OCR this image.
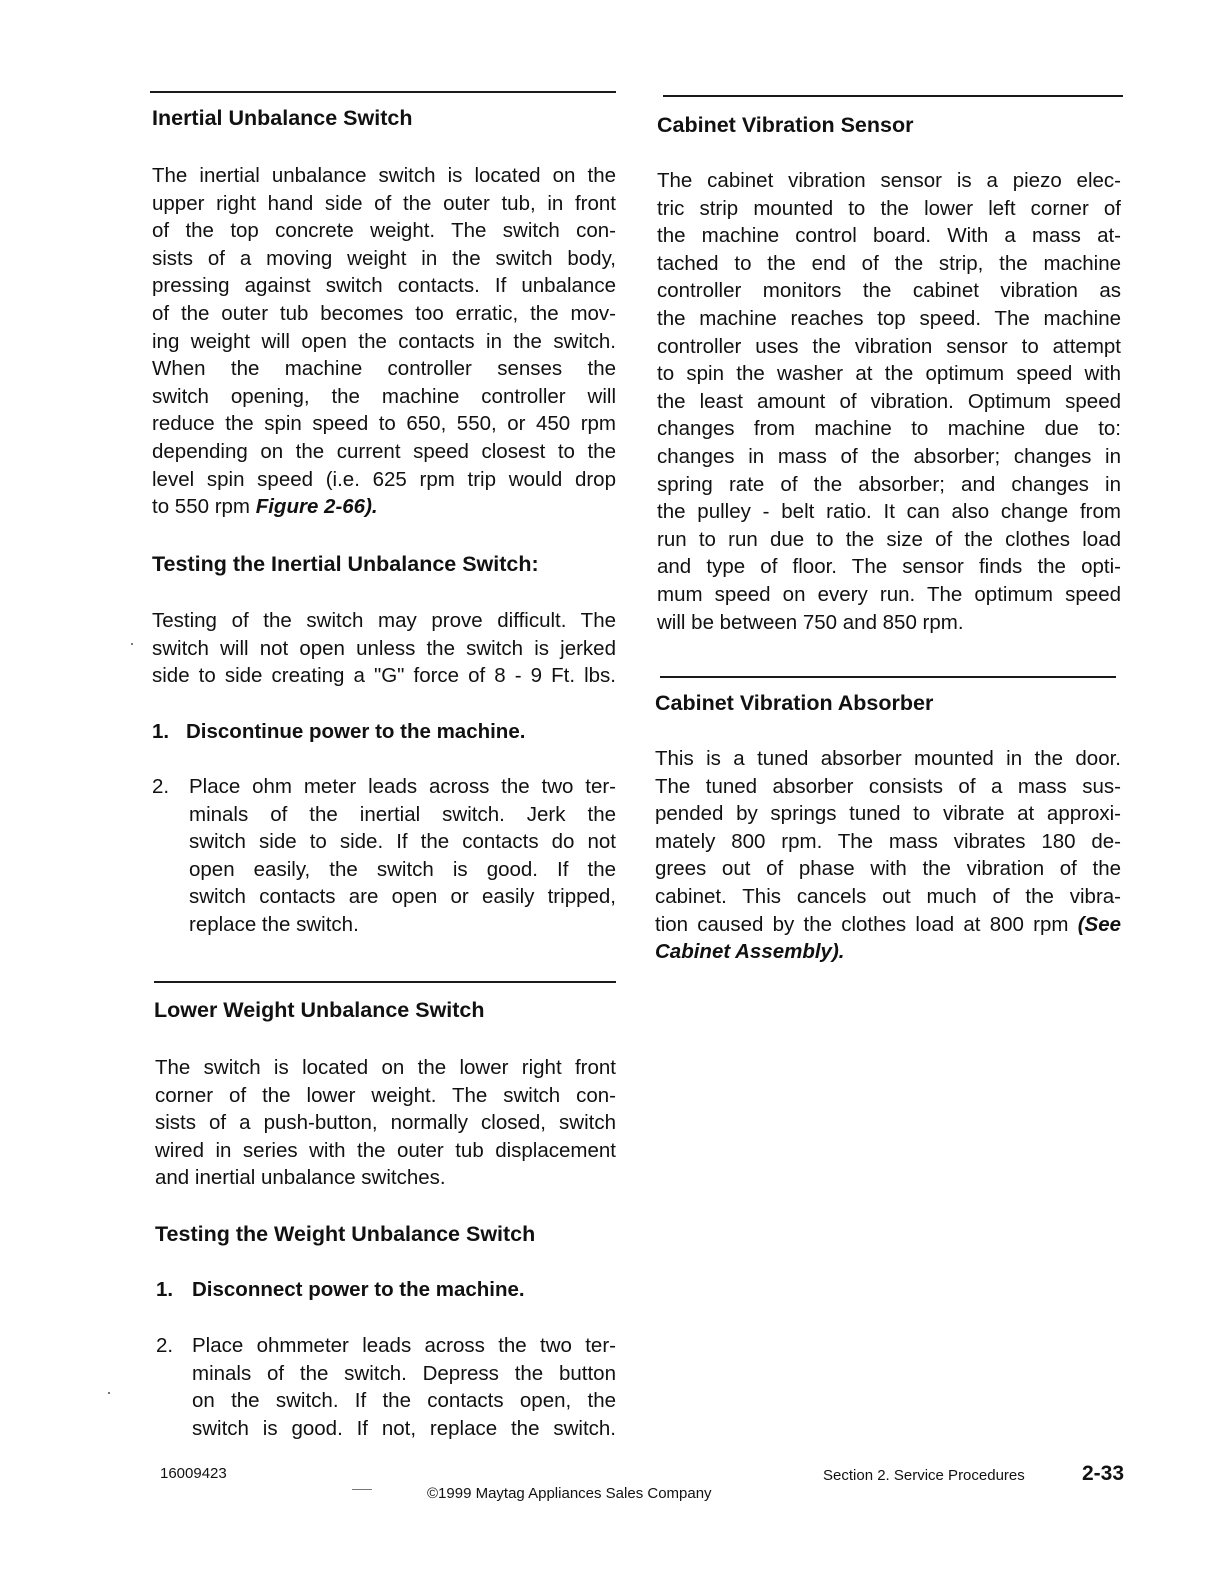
Inertial Unbalance Switch
The inertial unbalance switch is located on the
upper right hand side of the outer tub, in front
of the top concrete weight. The switch con-
sists of a moving weight in the switch body,
pressing against switch contacts. If unbalance
of the outer tub becomes too erratic, the mov-
ing weight will open the contacts in the switch.
When the machine controller senses the
switch opening, the machine controller will
reduce the spin speed to 650, 550, or 450 rpm
depending on the current speed closest to the
level spin speed (i.e. 625 rpm trip would drop
to 550 rpm Figure 2-66).
Testing the Inertial Unbalance Switch:
Testing of the switch may prove difficult. The
switch will not open unless the switch is jerked
side to side creating a "G" force of 8 - 9 Ft. lbs.
1. Discontinue power to the machine.
2. Place ohm meter leads across the two ter-
minals of the inertial switch. Jerk the
switch side to side. If the contacts do not
open easily, the switch is good. If the
switch contacts are open or easily tripped,
replace the switch.
Lower Weight Unbalance Switch
The switch is located on the lower right front
corner of the lower weight. The switch con-
sists of a push-button, normally closed, switch
wired in series with the outer tub displacement
and inertial unbalance switches.
Testing the Weight Unbalance Switch
1. Disconnect power to the machine.
2. Place ohmmeter leads across the two ter-
minals of the switch. Depress the button
on the switch. If the contacts open, the
switch is good. If not, replace the switch.
Cabinet Vibration Sensor
The cabinet vibration sensor is a piezo elec-
tric strip mounted to the lower left corner of
the machine control board. With a mass at-
tached to the end of the strip, the machine
controller monitors the cabinet vibration as
the machine reaches top speed. The machine
controller uses the vibration sensor to attempt
to spin the washer at the optimum speed with
the least amount of vibration. Optimum speed
changes from machine to machine due to:
changes in mass of the absorber; changes in
spring rate of the absorber; and changes in
the pulley - belt ratio. It can also change from
run to run due to the size of the clothes load
and type of floor. The sensor finds the opti-
mum speed on every run. The optimum speed
will be between 750 and 850 rpm.
Cabinet Vibration Absorber
This is a tuned absorber mounted in the door.
The tuned absorber consists of a mass sus-
pended by springs tuned to vibrate at approxi-
mately 800 rpm. The mass vibrates 180 de-
grees out of phase with the vibration of the
cabinet. This cancels out much of the vibra-
tion caused by the clothes load at 800 rpm (See
Cabinet Assembly).
16009423
©1999 Maytag Appliances Sales Company
Section 2. Service Procedures	2-33
